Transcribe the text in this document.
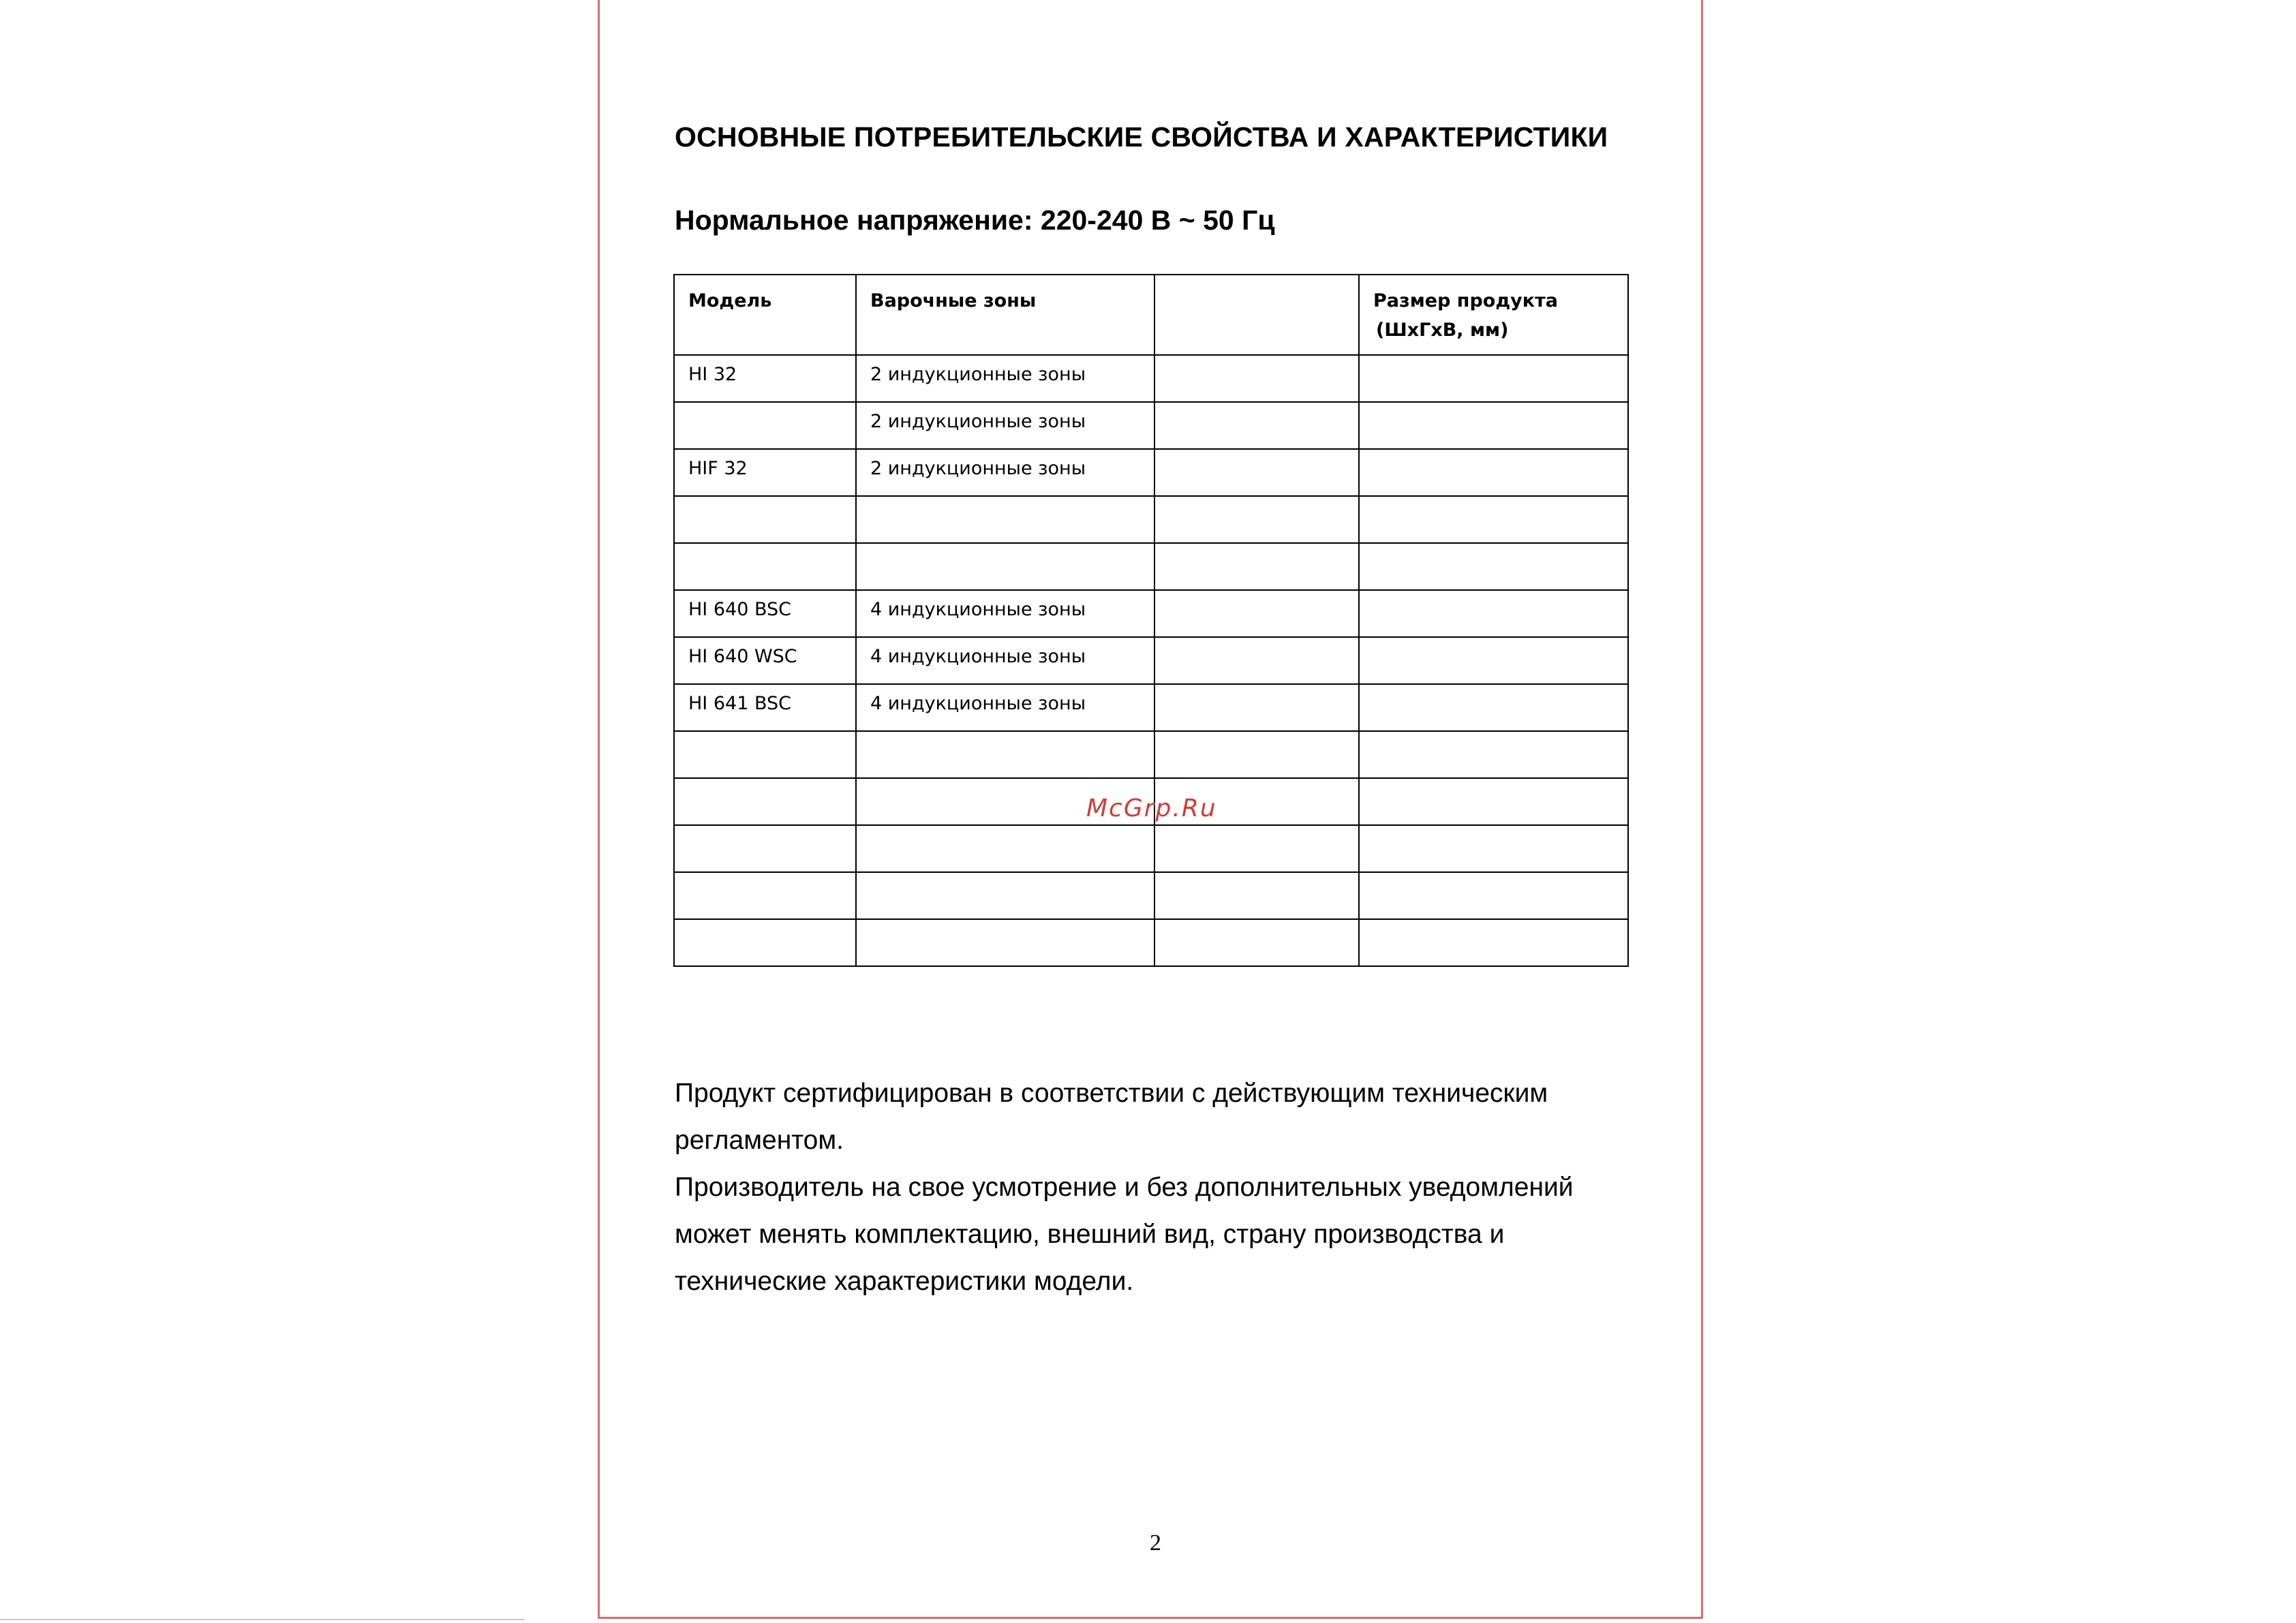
ОСНОВНЫЕ ПОТРЕБИТЕЛЬСКИЕ СВОЙСТВА И ХАРАКТЕРИСТИКИ
Нормальное напряжение: 220-240 В ~ 50 Гц
Модель	Варочные зоны		Размер продукта
(ШхГхВ, мм)

HI 32	2 индукционные зоны		
	2 индукционные зоны		
HIF 32	2 индукционные зоны		

HI 640 BSC	4 индукционные зоны		
HI 640 WSC	4 индукционные зоны		
HI 641 BSC	4 индукционные зоны		

McGrp.Ru

Продукт сертифицирован в соответствии с действующим техническим

регламентом.

Производитель на свое усмотрение и без дополнительных уведомлений

может менять комплектацию, внешний вид, страну производства и

технические характеристики модели.

2
